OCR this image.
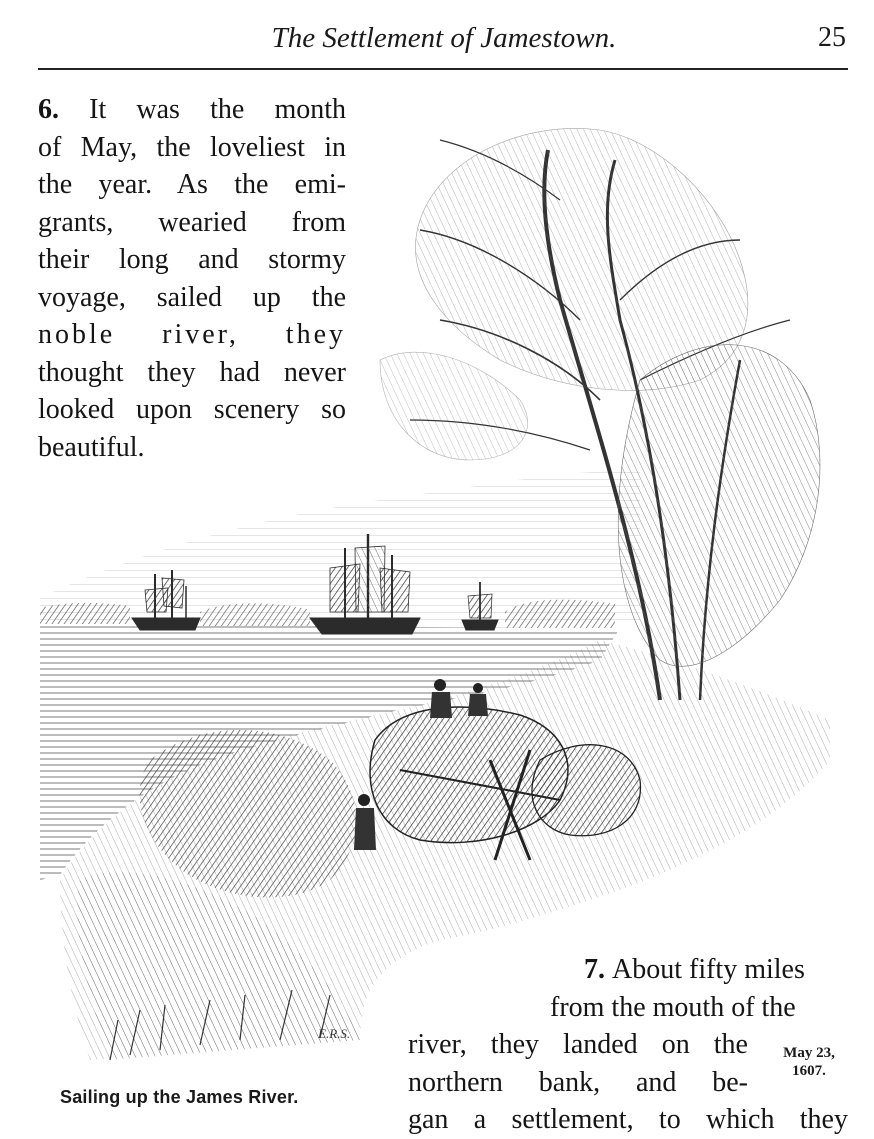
The Settlement of Jamestown.	25
E.R.S.
6. It was the month
of May, the loveliest in
the year. As the emi-
grants, wearied from
their long and stormy
voyage, sailed up the
noble river, they
thought they had never
looked upon scenery so
beautiful.
7. About fifty miles
from the mouth of the
river, they landed on the
northern bank, and be-
gan a settlement, to which they
May 23,
1607.
Sailing up the James River.
